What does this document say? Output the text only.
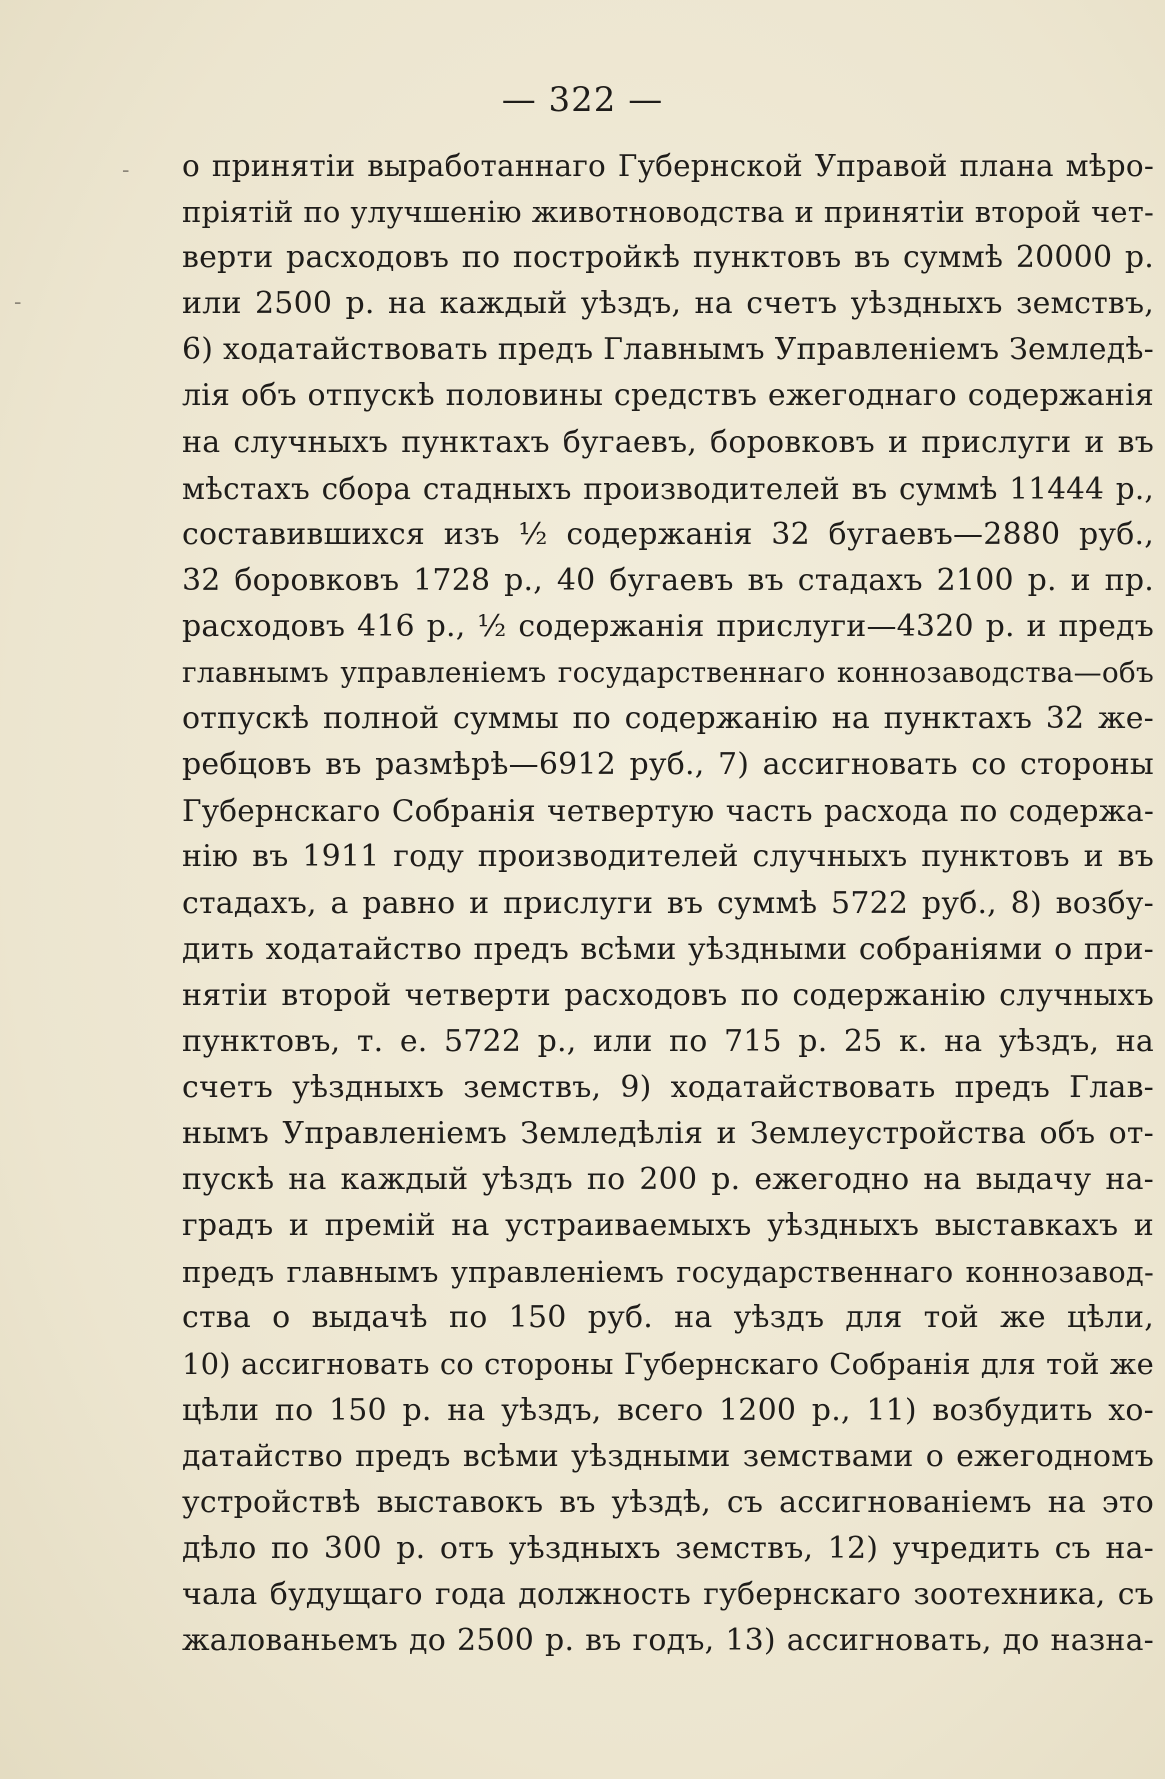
-
-
— 322 —
о принятіи выработаннаго Губернской Управой плана мѣро-
пріятій по улучшенію животноводства и принятіи второй чет-
верти расходовъ по постройкѣ пунктовъ въ суммѣ 20000 р.
или 2500 р. на каждый уѣздъ, на счетъ уѣздныхъ земствъ,
6) ходатайствовать предъ Главнымъ Управленіемъ Земледѣ-
лія объ отпускѣ половины средствъ ежегоднаго содержанія
на случныхъ пунктахъ бугаевъ, боровковъ и прислуги и въ
мѣстахъ сбора стадныхъ производителей въ суммѣ 11444 р.,
составившихся изъ ½ содержанія 32 бугаевъ—2880 руб.,
32 боровковъ 1728 р., 40 бугаевъ въ стадахъ 2100 р. и пр.
расходовъ 416 р., ½ содержанія прислуги—4320 р. и предъ
главнымъ управленіемъ государственнаго коннозаводства—объ
отпускѣ полной суммы по содержанію на пунктахъ 32 же-
ребцовъ въ размѣрѣ—6912 руб., 7) ассигновать со стороны
Губернскаго Собранія четвертую часть расхода по содержа-
нію въ 1911 году производителей случныхъ пунктовъ и въ
стадахъ, а равно и прислуги въ суммѣ 5722 руб., 8) возбу-
дить ходатайство предъ всѣми уѣздными собраніями о при-
нятіи второй четверти расходовъ по содержанію случныхъ
пунктовъ, т. е. 5722 р., или по 715 р. 25 к. на уѣздъ, на
счетъ уѣздныхъ земствъ, 9) ходатайствовать предъ Глав-
нымъ Управленіемъ Земледѣлія и Землеустройства объ от-
пускѣ на каждый уѣздъ по 200 р. ежегодно на выдачу на-
градъ и премій на устраиваемыхъ уѣздныхъ выставкахъ и
предъ главнымъ управленіемъ государственнаго коннозавод-
ства о выдачѣ по 150 руб. на уѣздъ для той же цѣли,
10) ассигновать со стороны Губернскаго Собранія для той же
цѣли по 150 р. на уѣздъ, всего 1200 р., 11) возбудить хо-
датайство предъ всѣми уѣздными земствами о ежегодномъ
устройствѣ выставокъ въ уѣздѣ, съ ассигнованіемъ на это
дѣло по 300 р. отъ уѣздныхъ земствъ, 12) учредить съ на-
чала будущаго года должность губернскаго зоотехника, съ
жалованьемъ до 2500 р. въ годъ, 13) ассигновать, до назна-
